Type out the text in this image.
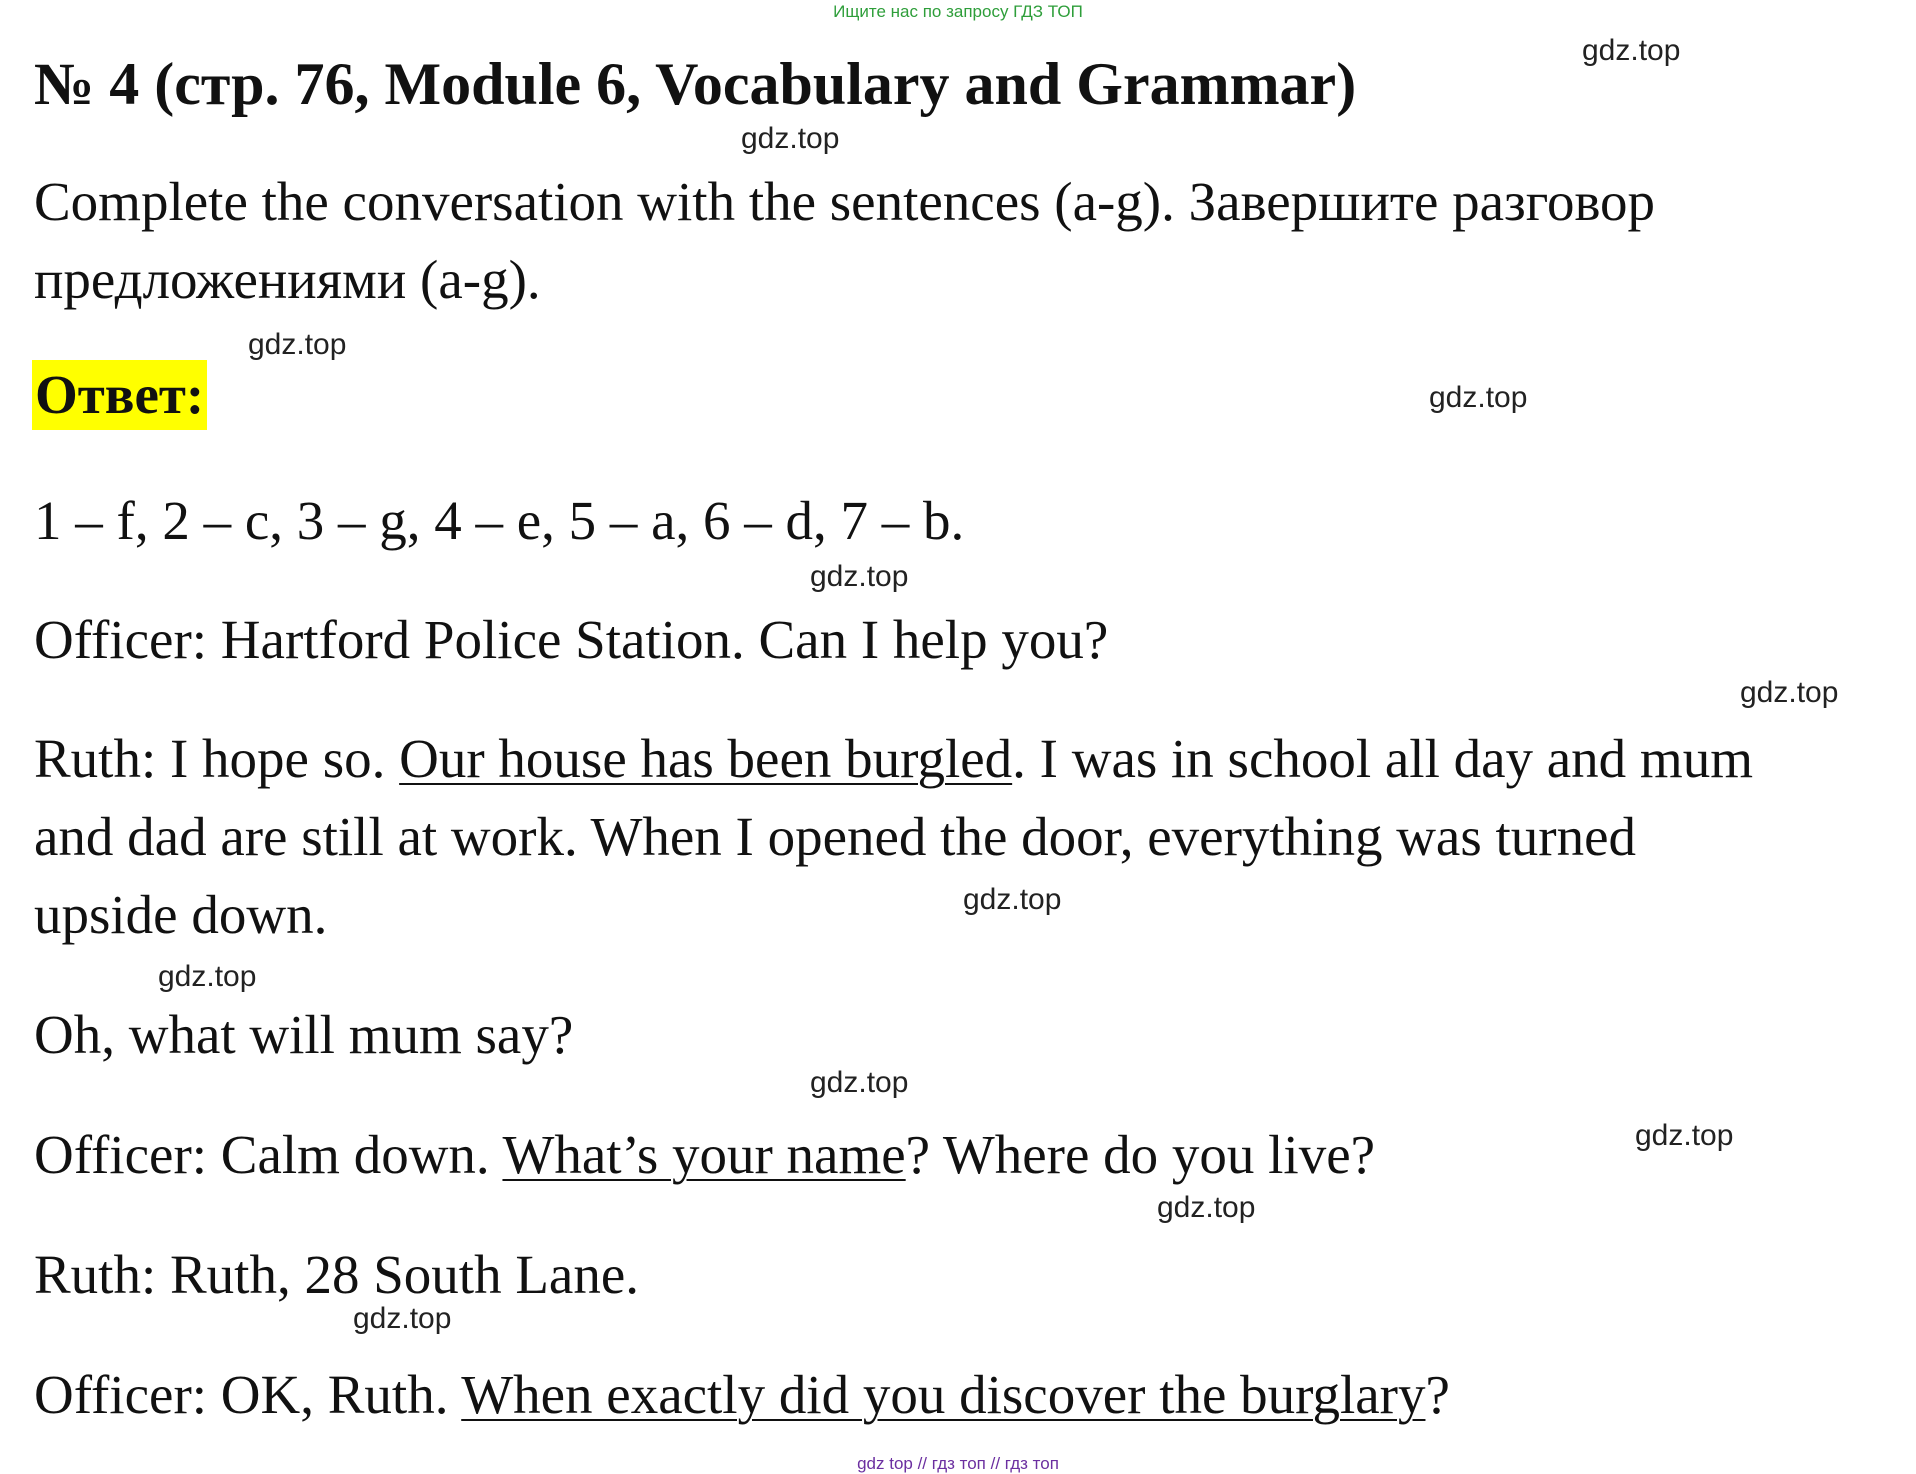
Ищите нас по запросу ГДЗ ТОП
№ 4 (стр. 76, Module 6, Vocabulary and Grammar)
gdz.top
gdz.top
gdz.top
gdz.top
gdz.top
gdz.top
gdz.top
gdz.top
gdz.top
gdz.top
gdz.top
gdz.top

Complete the conversation with the sentences (a-g). Завершите разговор

предложениями (a-g).

Ответ:

1 – f, 2 – c, 3 – g, 4 – e, 5 – a, 6 – d, 7 – b.

Officer: Hartford Police Station. Can I help you?

Ruth: I hope so. Our house has been burgled. I was in school all day and mum

and dad are still at work. When I opened the door, everything was turned

upside down.

Oh, what will mum say?

Officer: Calm down. What’s your name? Where do you live?

Ruth: Ruth, 28 South Lane.

Officer: OK, Ruth. When exactly did you discover the burglary?

gdz top // гдз топ // гдз топ
